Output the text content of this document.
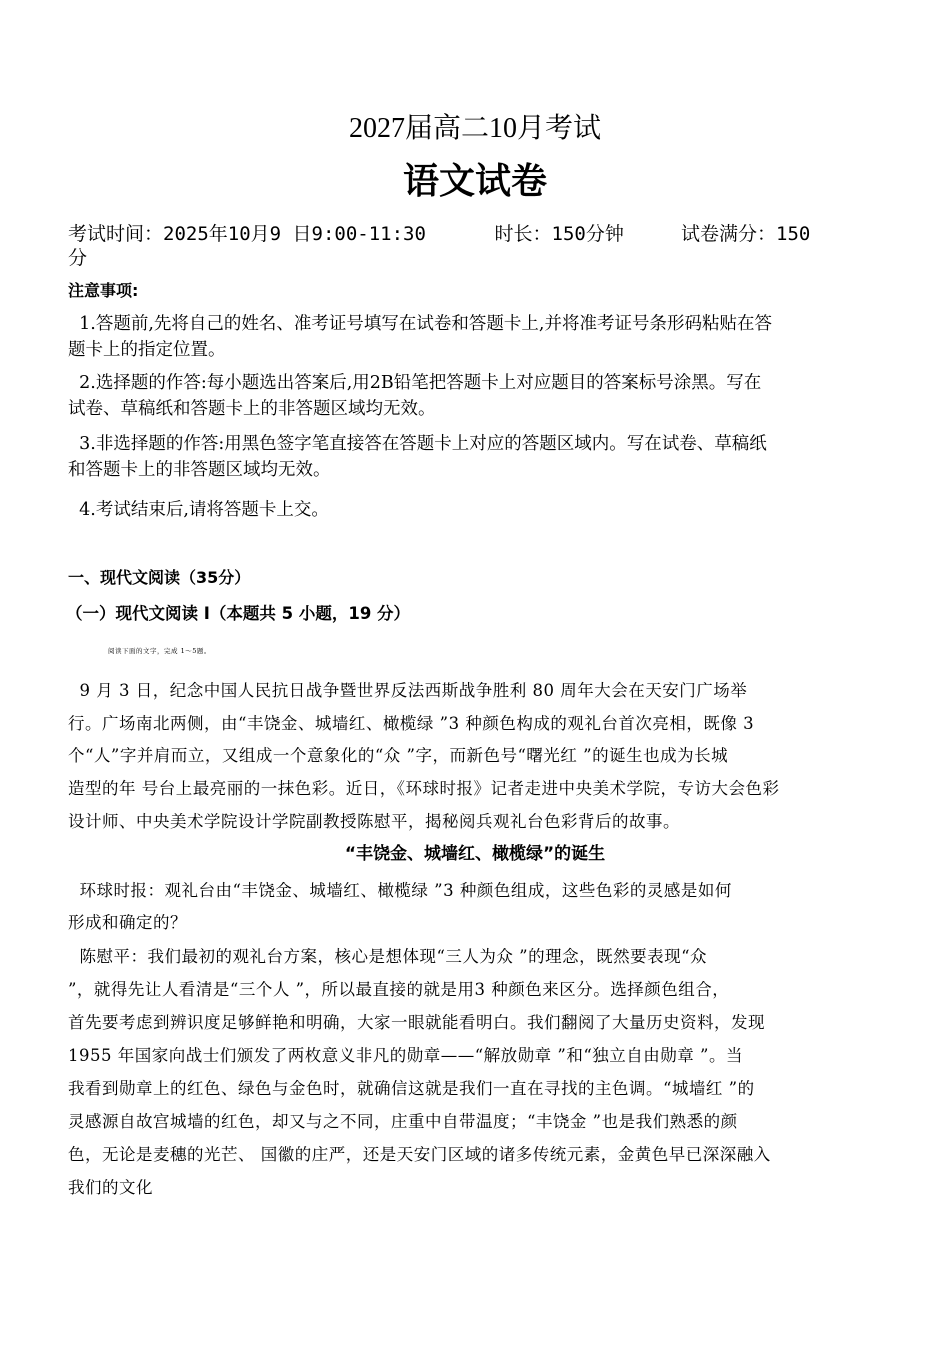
2027届高二10月考试
语文试卷
考试时间：2025年10月9 日9:00-11:30      时长：150分钟     试卷满分：150
分
注意事项:
1.答题前,先将自己的姓名、准考证号填写在试卷和答题卡上,并将准考证号条形码粘贴在答
题卡上的指定位置。
2.选择题的作答:每小题选出答案后,用2B铅笔把答题卡上对应题目的答案标号涂黑。写在
试卷、草稿纸和答题卡上的非答题区域均无效。
3.非选择题的作答:用黑色签字笔直接答在答题卡上对应的答题区域内。写在试卷、草稿纸
和答题卡上的非答题区域均无效。
4.考试结束后,请将答题卡上交。
一、现代文阅读（35分）
（一）现代文阅读 I（本题共 5 小题，19 分）
阅读下面的文字，完成 1～5题。
9 月 3 日，纪念中国人民抗日战争暨世界反法西斯战争胜利 80 周年大会在天安门广场举
行。广场南北两侧，由“丰饶金、城墙红、橄榄绿 ”3 种颜色构成的观礼台首次亮相，既像 3
个“人”字并肩而立，又组成一个意象化的“众 ”字，而新色号“曙光红 ”的诞生也成为长城
造型的年 号台上最亮丽的一抹色彩。近日，《环球时报》记者走进中央美术学院，专访大会色彩
设计师、中央美术学院设计学院副教授陈慰平，揭秘阅兵观礼台色彩背后的故事。
“丰饶金、城墙红、橄榄绿”的诞生
环球时报：观礼台由“丰饶金、城墙红、橄榄绿 ”3 种颜色组成，这些色彩的灵感是如何
形成和确定的？
陈慰平：我们最初的观礼台方案，核心是想体现“三人为众 ”的理念，既然要表现“众
”，就得先让人看清是“三个人 ”，所以最直接的就是用3 种颜色来区分。选择颜色组合，
首先要考虑到辨识度足够鲜艳和明确，大家一眼就能看明白。我们翻阅了大量历史资料，发现
1955 年国家向战士们颁发了两枚意义非凡的勋章——“解放勋章 ”和“独立自由勋章 ”。当
我看到勋章上的红色、绿色与金色时，就确信这就是我们一直在寻找的主色调。“城墙红 ”的
灵感源自故宫城墙的红色，却又与之不同，庄重中自带温度；“丰饶金 ”也是我们熟悉的颜
色，无论是麦穗的光芒、 国徽的庄严，还是天安门区域的诸多传统元素，金黄色早已深深融入
我们的文化
